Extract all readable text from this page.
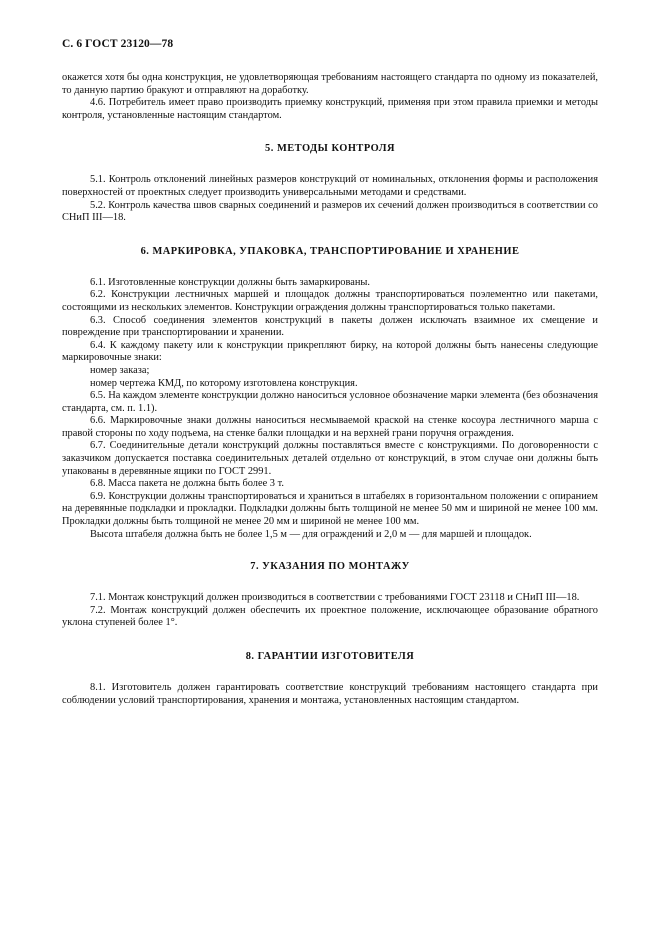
С. 6 ГОСТ 23120—78

окажется хотя бы одна конструкция, не удовлетворяющая требованиям настоящего стандарта по одному из показателей, то данную партию бракуют и отправляют на доработку.

4.6. Потребитель имеет право производить приемку конструкций, применяя при этом правила приемки и методы контроля, установленные настоящим стандартом.

5. МЕТОДЫ КОНТРОЛЯ

5.1. Контроль отклонений линейных размеров конструкций от номинальных, отклонения формы и расположения поверхностей от проектных следует производить универсальными методами и средствами.

5.2. Контроль качества швов сварных соединений и размеров их сечений должен производиться в соответствии со СНиП III—18.

6. МАРКИРОВКА, УПАКОВКА, ТРАНСПОРТИРОВАНИЕ И ХРАНЕНИЕ

6.1. Изготовленные конструкции должны быть замаркированы.

6.2. Конструкции лестничных маршей и площадок должны транспортироваться поэлементно или пакетами, состоящими из нескольких элементов. Конструкции ограждения должны транспортироваться только пакетами.

6.3. Способ соединения элементов конструкций в пакеты должен исключать взаимное их смещение и повреждение при транспортировании и хранении.

6.4. К каждому пакету или к конструкции прикрепляют бирку, на которой должны быть нанесены следующие маркировочные знаки:

номер заказа;

номер чертежа КМД, по которому изготовлена конструкция.

6.5. На каждом элементе конструкции должно наноситься условное обозначение марки элемента (без обозначения стандарта, см. п. 1.1).

6.6. Маркировочные знаки должны наноситься несмываемой краской на стенке косоура лестничного марша с правой стороны по ходу подъема, на стенке балки площадки и на верхней грани поручня ограждения.

6.7. Соединительные детали конструкций должны поставляться вместе с конструкциями. По договоренности с заказчиком допускается поставка соединительных деталей отдельно от конструкций, в этом случае они должны быть упакованы в деревянные ящики по ГОСТ 2991.

6.8. Масса пакета не должна быть более 3 т.

6.9. Конструкции должны транспортироваться и храниться в штабелях в горизонтальном положении с опиранием на деревянные подкладки и прокладки. Подкладки должны быть толщиной не менее 50 мм и шириной не менее 100 мм. Прокладки должны быть толщиной не менее 20 мм и шириной не менее 100 мм.

Высота штабеля должна быть не более 1,5 м — для ограждений и 2,0 м — для маршей и площадок.

7. УКАЗАНИЯ ПО МОНТАЖУ

7.1. Монтаж конструкций должен производиться в соответствии с требованиями ГОСТ 23118 и СНиП III—18.

7.2. Монтаж конструкций должен обеспечить их проектное положение, исключающее образование обратного уклона ступеней более 1°.

8. ГАРАНТИИ ИЗГОТОВИТЕЛЯ

8.1. Изготовитель должен гарантировать соответствие конструкций требованиям настоящего стандарта при соблюдении условий транспортирования, хранения и монтажа, установленных настоящим стандартом.
